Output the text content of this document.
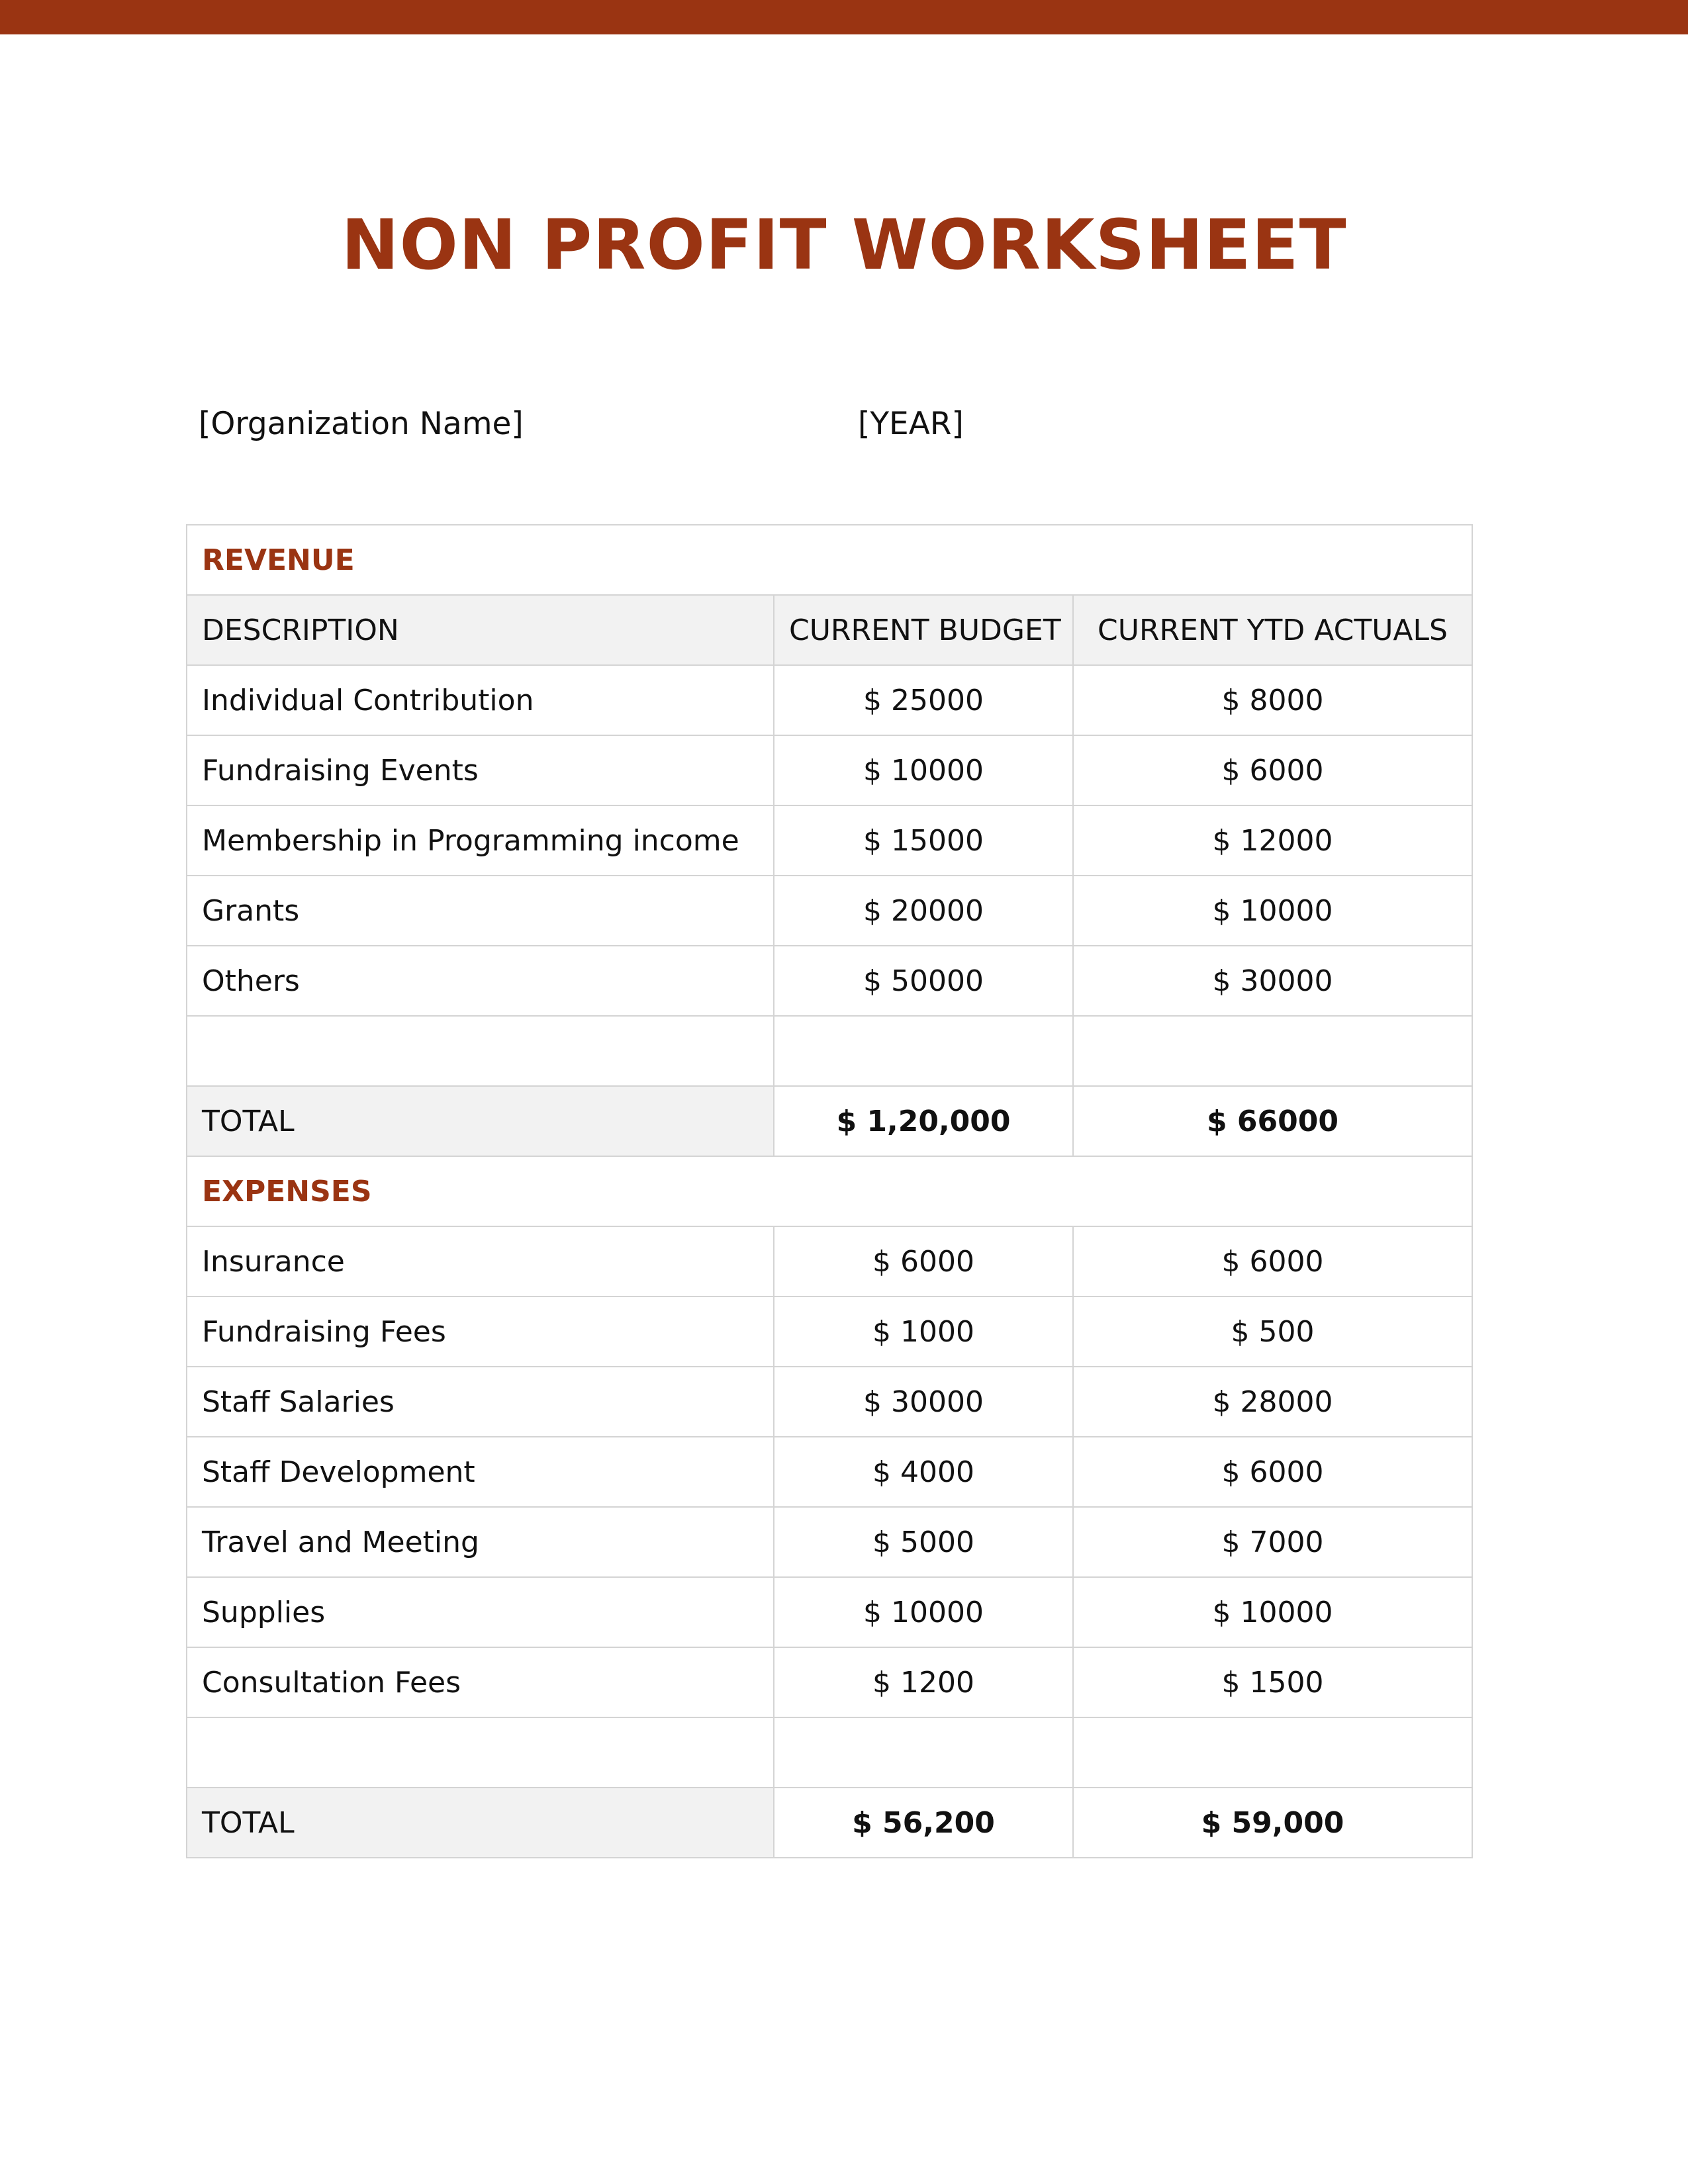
NON PROFIT WORKSHEET
[Organization Name]	[YEAR]
REVENUE		
DESCRIPTION	CURRENT BUDGET	CURRENT YTD ACTUALS
Individual Contribution	$ 25000	$ 8000
Fundraising Events	$ 10000	$ 6000
Membership in Programming income	$ 15000	$ 12000
Grants	$ 20000	$ 10000
Others	$ 50000	$ 30000

TOTAL	$ 1,20,000	$ 66000
EXPENSES		
Insurance	$ 6000	$ 6000
Fundraising Fees	$ 1000	$ 500
Staff Salaries	$ 30000	$ 28000
Staff Development	$ 4000	$ 6000
Travel and Meeting	$ 5000	$ 7000
Supplies	$ 10000	$ 10000
Consultation Fees	$ 1200	$ 1500

TOTAL	$ 56,200	$ 59,000
